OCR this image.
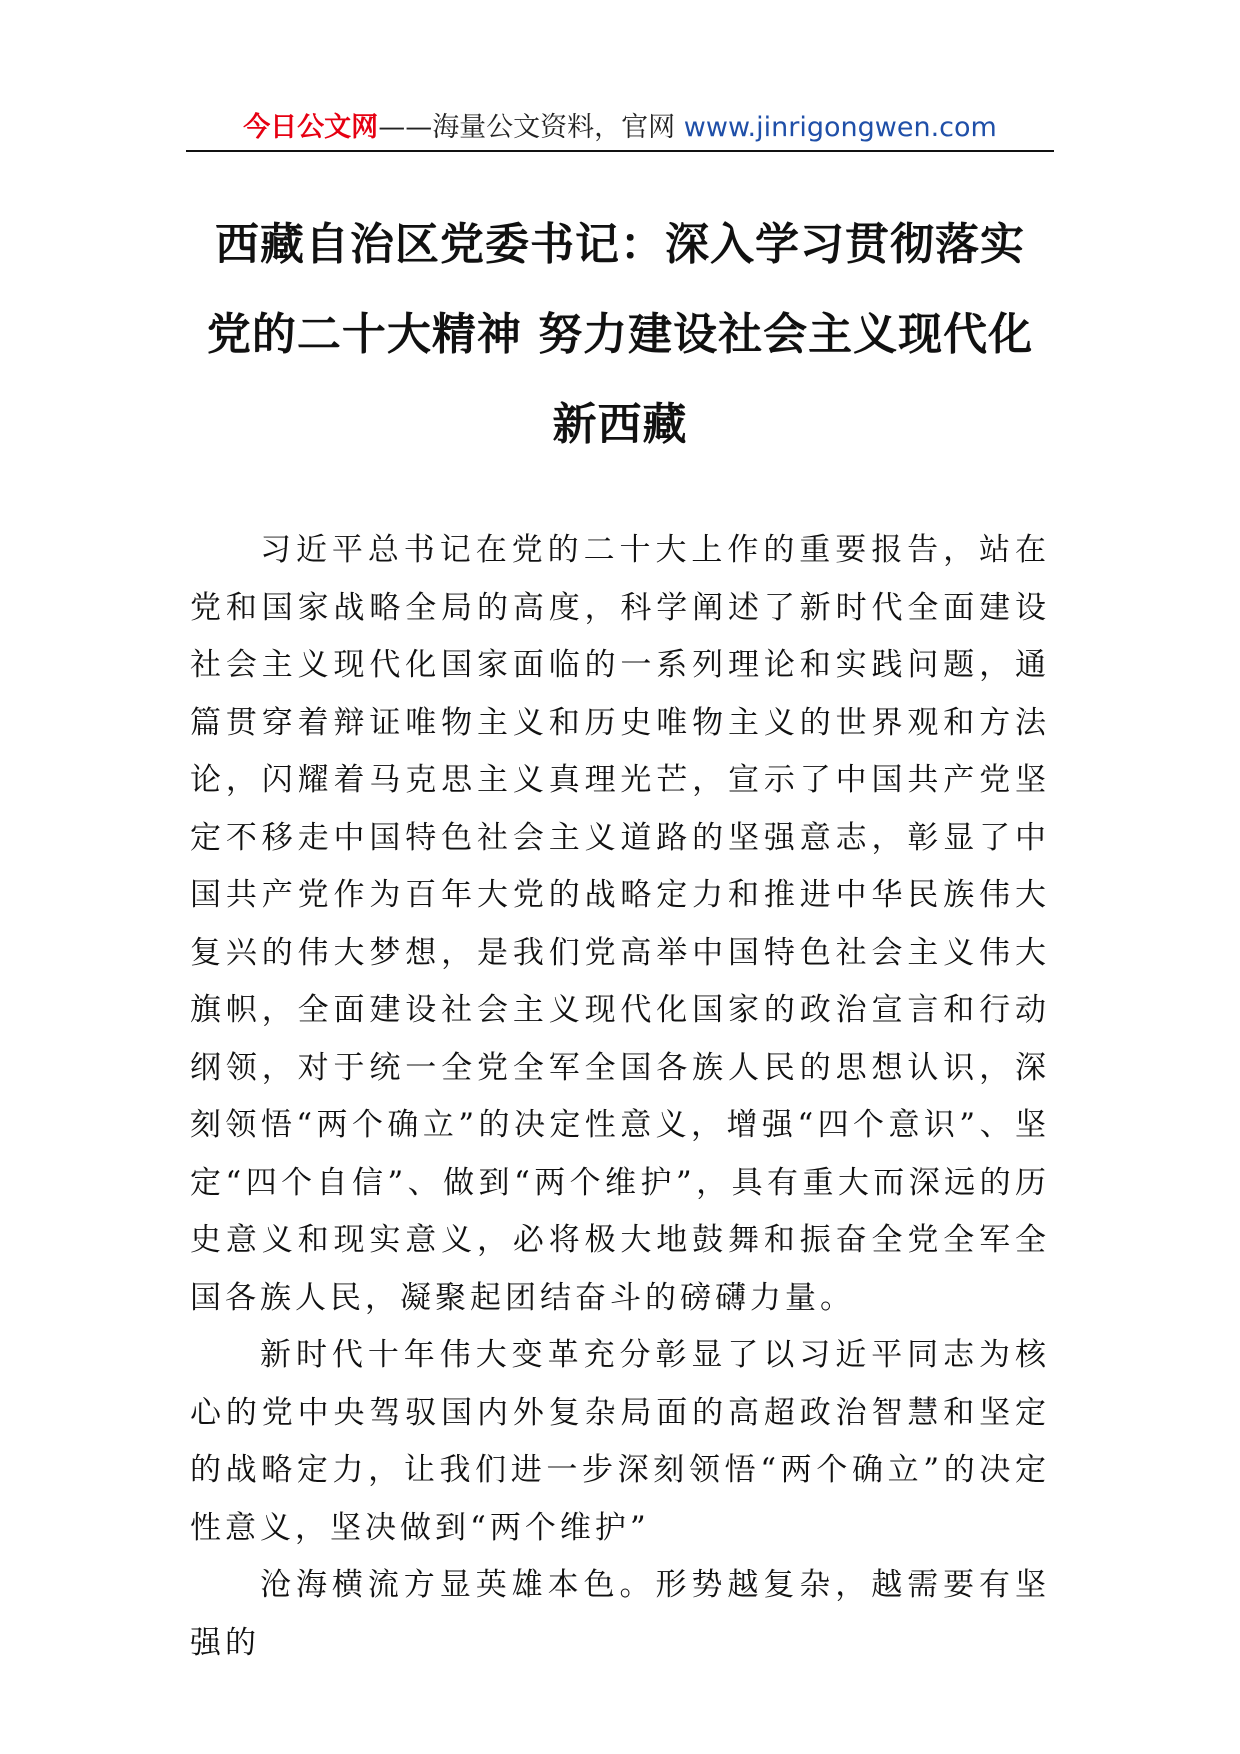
今日公文网——海量公文资料，官网 www.jinrigongwen.com
西藏自治区党委书记：深入学习贯彻落实
党的二十大精神 努力建设社会主义现代化
新西藏

习近平总书记在党的二十大上作的重要报告，站在党和国家战略全局的高度，科学阐述了新时代全面建设社会主义现代化国家面临的一系列理论和实践问题，通篇贯穿着辩证唯物主义和历史唯物主义的世界观和方法论，闪耀着马克思主义真理光芒，宣示了中国共产党坚定不移走中国特色社会主义道路的坚强意志，彰显了中国共产党作为百年大党的战略定力和推进中华民族伟大复兴的伟大梦想，是我们党高举中国特色社会主义伟大旗帜，全面建设社会主义现代化国家的政治宣言和行动纲领，对于统一全党全军全国各族人民的思想认识，深刻领悟“两个确立”的决定性意义，增强“四个意识”、坚定“四个自信”、做到“两个维护”，具有重大而深远的历史意义和现实意义，必将极大地鼓舞和振奋全党全军全国各族人民，凝聚起团结奋斗的磅礴力量。

新时代十年伟大变革充分彰显了以习近平同志为核心的党中央驾驭国内外复杂局面的高超政治智慧和坚定的战略定力，让我们进一步深刻领悟“两个确立”的决定性意义，坚决做到“两个维护”

沧海横流方显英雄本色。形势越复杂，越需要有坚强的
